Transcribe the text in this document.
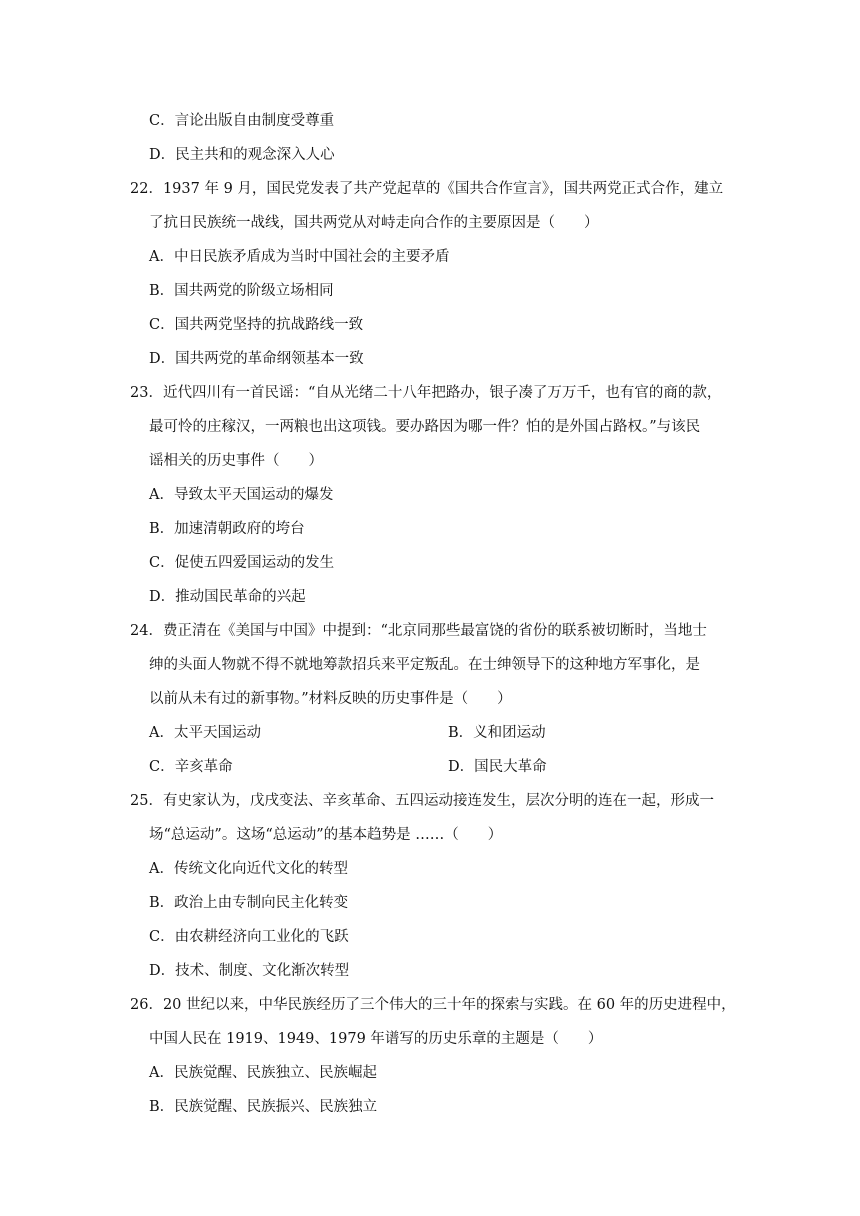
C．言论出版自由制度受尊重
D．民主共和的观念深入人心
22．1937 年 9 月，国民党发表了共产党起草的《国共合作宣言》，国共两党正式合作，建立
了抗日民族统一战线，国共两党从对峙走向合作的主要原因是（　　）
A．中日民族矛盾成为当时中国社会的主要矛盾
B．国共两党的阶级立场相同
C．国共两党坚持的抗战路线一致
D．国共两党的革命纲领基本一致
23．近代四川有一首民谣：“自从光绪二十八年把路办，银子凑了万万千，也有官的商的款，
最可怜的庄稼汉，一两粮也出这项钱。要办路因为哪一件？怕的是外国占路权。”与该民
谣相关的历史事件（　　）
A．导致太平天国运动的爆发
B．加速清朝政府的垮台
C．促使五四爱国运动的发生
D．推动国民革命的兴起
24．费正清在《美国与中国》中提到：“北京同那些最富饶的省份的联系被切断时，当地士
绅的头面人物就不得不就地筹款招兵来平定叛乱。在士绅领导下的这种地方军事化，是
以前从未有过的新事物。”材料反映的历史事件是（　　）
A．太平天国运动	B．义和团运动
C．辛亥革命	D．国民大革命
25．有史家认为，戊戌变法、辛亥革命、五四运动接连发生，层次分明的连在一起，形成一
场“总运动”。这场“总运动”的基本趋势是 ……（　　）
A．传统文化向近代文化的转型
B．政治上由专制向民主化转变
C．由农耕经济向工业化的飞跃
D．技术、制度、文化渐次转型
26．20 世纪以来，中华民族经历了三个伟大的三十年的探索与实践。在 60 年的历史进程中，
中国人民在 1919、1949、1979 年谱写的历史乐章的主题是（　　）
A．民族觉醒、民族独立、民族崛起
B．民族觉醒、民族振兴、民族独立
